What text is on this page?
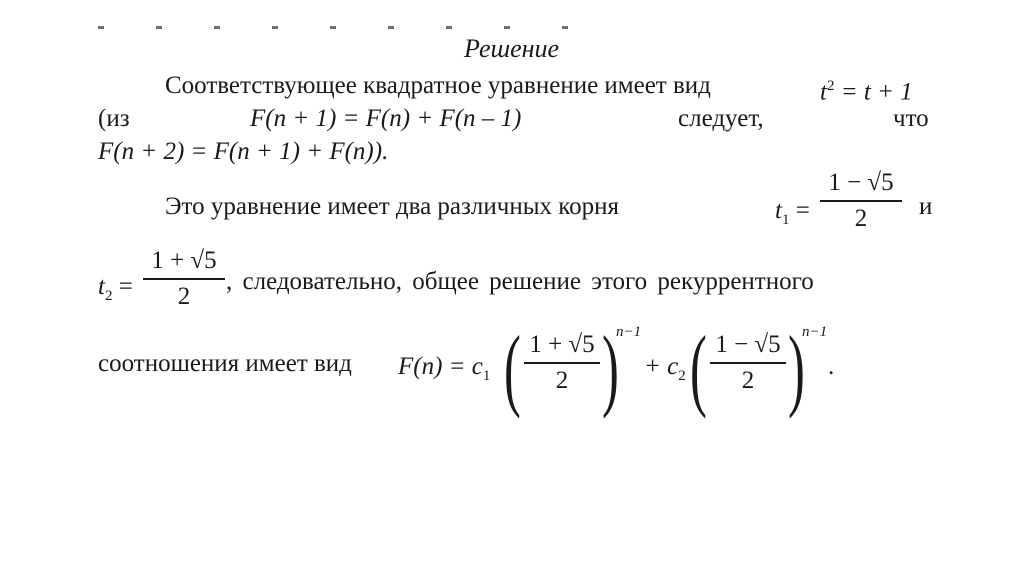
Решение
Соответствующее квадратное уравнение имеет вид	$t^2 = t + 1$
(из	F(n + 1) = F(n) + F(n – 1)	следует,	что
F(n + 2) = F(n + 1) + F(n)).
Это уравнение имеет два различных корня	$t_1$ =
1 − √5
2	и
$t_2$ =
1 + √5
2
, следовательно, общее решение этого рекуррентного
соотношения имеет вид $F(n) = c_1$ ( 1 + √5
2 )
n−1
+ $c_2$ ( 1 − √5
2 )
n−1
.
